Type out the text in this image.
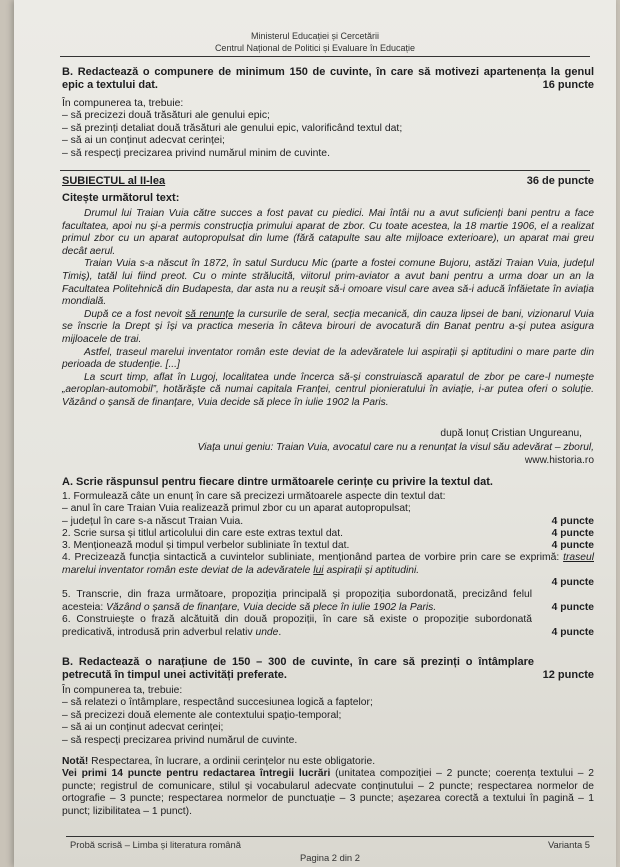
Ministerul Educației și Cercetării
Centrul Național de Politici și Evaluare în Educație
B. Redactează o compunere de minimum 150 de cuvinte, în care să motivezi apartenența la genul epic a textului dat.	16 puncte
În compunerea ta, trebuie:
– să precizezi două trăsături ale genului epic;
– să prezinți detaliat două trăsături ale genului epic, valorificând textul dat;
– să ai un conținut adecvat cerinței;
– să respecți precizarea privind numărul minim de cuvinte.
SUBIECTUL al II-lea	36 de puncte
Citește următorul text:

Drumul lui Traian Vuia către succes a fost pavat cu piedici. Mai întâi nu a avut suficienți bani pentru a face facultatea, apoi nu și-a permis construcția primului aparat de zbor. Cu toate acestea, la 18 martie 1906, el a realizat primul zbor cu un aparat autopropulsat din lume (fără catapulte sau alte mijloace exterioare), un aparat mai greu decât aerul.

Traian Vuia s-a născut în 1872, în satul Surducu Mic (parte a fostei comune Bujoru, astăzi Traian Vuia, județul Timiș), tatăl lui fiind preot. Cu o minte strălucită, viitorul prim-aviator a avut bani pentru a urma doar un an la Facultatea Politehnică din Budapesta, dar asta nu a reușit să-i omoare visul care avea să-i aducă înfăietate în aviația mondială.

După ce a fost nevoit să renunțe la cursurile de seral, secția mecanică, din cauza lipsei de bani, vizionarul Vuia se înscrie la Drept și își va practica meseria în câteva birouri de avocatură din Banat pentru a-și putea asigura mijloacele de trai.

Astfel, traseul marelui inventator român este deviat de la adevăratele lui aspirații și aptitudini o mare parte din perioada de studenție. [...]

La scurt timp, aflat în Lugoj, localitatea unde încerca să-și construiască aparatul de zbor pe care-l numește „aeroplan-automobil”, hotărăște că numai capitala Franței, centrul pionieratului în aviație, i-ar putea oferi o soluție. Văzând o șansă de finanțare, Vuia decide să plece în iulie 1902 la Paris.

după Ionuț Cristian Ungureanu,
Viața unui geniu: Traian Vuia, avocatul care nu a renunțat la visul său adevărat – zborul,
www.historia.ro
A. Scrie răspunsul pentru fiecare dintre următoarele cerințe cu privire la textul dat.
1. Formulează câte un enunț în care să precizezi următoarele aspecte din textul dat:
– anul în care Traian Vuia realizează primul zbor cu un aparat autopropulsat;
– județul în care s-a născut Traian Vuia.	4 puncte
2. Scrie sursa și titlul articolului din care este extras textul dat.	4 puncte
3. Menționează modul și timpul verbelor subliniate în textul dat.	4 puncte
4. Precizează funcția sintactică a cuvintelor subliniate, menționând partea de vorbire prin care se exprimă: traseul marelui inventator român este deviat de la adevăratele lui aspirații și aptitudini.
4 puncte
5. Transcrie, din fraza următoare, propoziția principală și propoziția subordonată, precizând felul acesteia: Văzând o șansă de finanțare, Vuia decide să plece în iulie 1902 la Paris.	4 puncte
6. Construiește o frază alcătuită din două propoziții, în care să existe o propoziție subordonată predicativă, introdusă prin adverbul relativ unde.	4 puncte
B. Redactează o narațiune de 150 – 300 de cuvinte, în care să prezinți o întâmplare petrecută în timpul unei activități preferate.	12 puncte
În compunerea ta, trebuie:
– să relatezi o întâmplare, respectând succesiunea logică a faptelor;
– să precizezi două elemente ale contextului spațio-temporal;
– să ai un conținut adecvat cerinței;
– să respecți precizarea privind numărul de cuvinte.
Notă! Respectarea, în lucrare, a ordinii cerințelor nu este obligatorie.
Vei primi 14 puncte pentru redactarea întregii lucrări (unitatea compoziției – 2 puncte; coerența textului – 2 puncte; registrul de comunicare, stilul și vocabularul adecvate conținutului – 2 puncte; respectarea normelor de ortografie – 3 puncte; respectarea normelor de punctuație – 3 puncte; așezarea corectă a textului în pagină – 1 punct; lizibilitatea – 1 punct).
Probă scrisă – Limba și literatura română	Varianta 5
Pagina 2 din 2
